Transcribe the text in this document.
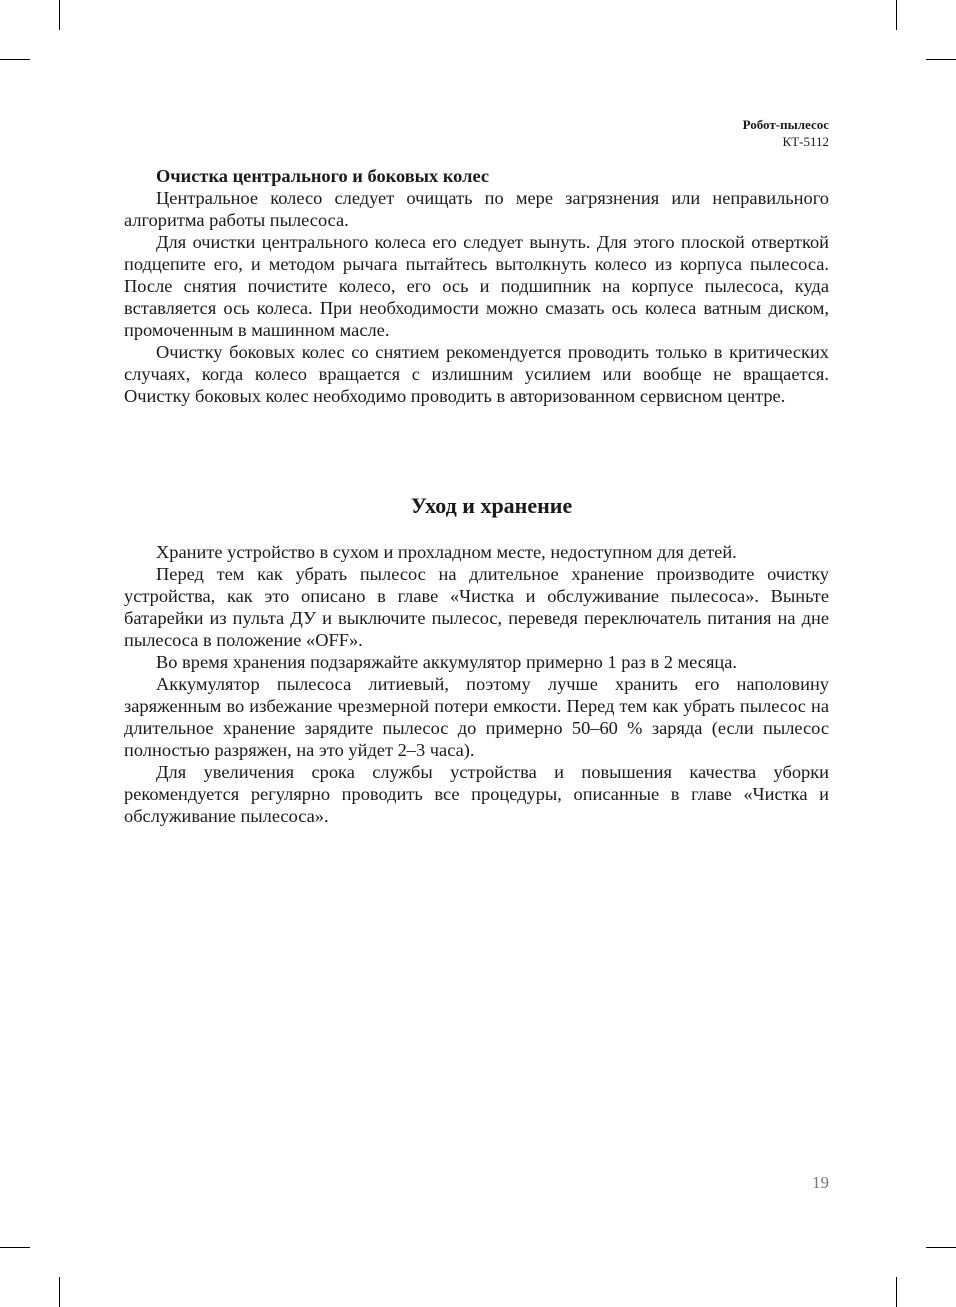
Робот-пылесос
КТ-5112

Очистка центрального и боковых колес

Центральное колесо следует очищать по мере загрязнения или неправильного алгоритма работы пылесоса.

Для очистки центрального колеса его следует вынуть. Для этого плоской отверткой подцепите его, и методом рычага пытайтесь вытолкнуть колесо из корпуса пылесоса. После снятия почистите колесо, его ось и подшипник на корпусе пылесоса, куда вставляется ось колеса. При необходимости можно смазать ось колеса ватным диском, промоченным в машинном масле.

Очистку боковых колес со снятием рекомендуется проводить только в критических случаях, когда колесо вращается с излишним усилием или вообще не вращается. Очистку боковых колес необходимо проводить в авторизованном сервисном центре.

Уход и хранение

Храните устройство в сухом и прохладном месте, недоступном для детей.

Перед тем как убрать пылесос на длительное хранение производите очистку устройства, как это описано в главе «Чистка и обслуживание пылесоса». Выньте батарейки из пульта ДУ и выключите пылесос, переведя переключатель питания на дне пылесоса в положение «OFF».

Во время хранения подзаряжайте аккумулятор примерно 1 раз в 2 месяца.

Аккумулятор пылесоса литиевый, поэтому лучше хранить его наполовину заряженным во избежание чрезмерной потери емкости. Перед тем как убрать пылесос на длительное хранение зарядите пылесос до примерно 50–60 % заряда (если пылесос полностью разряжен, на это уйдет 2–3 часа).

Для увеличения срока службы устройства и повышения качества уборки рекомендуется регулярно проводить все процедуры, описанные в главе «Чистка и обслуживание пылесоса».

19
